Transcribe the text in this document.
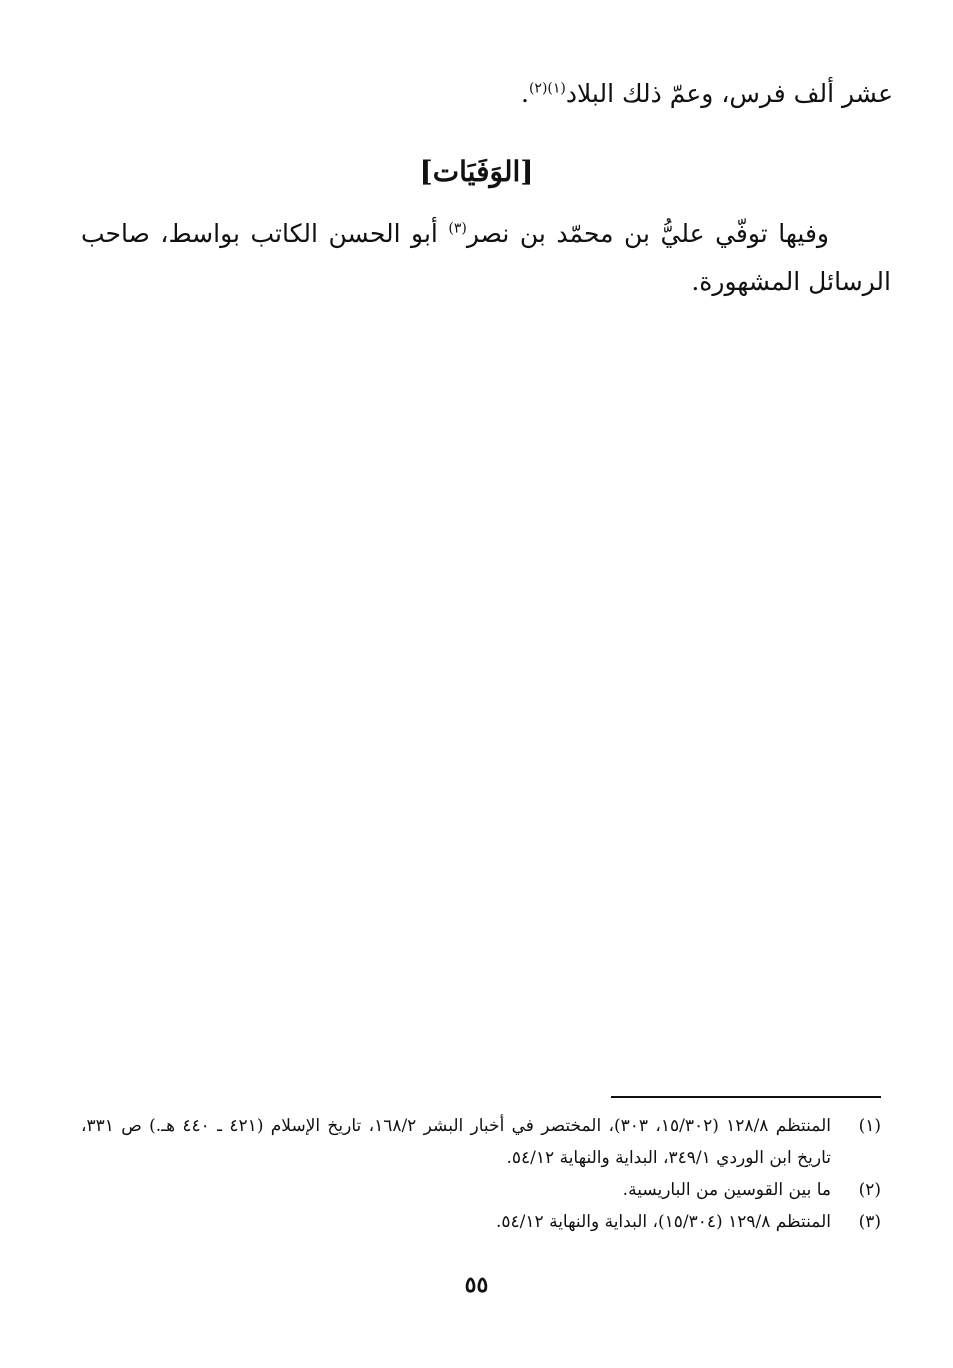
عشر ألف فرس، وعمّ ذلك البلاد$^{(١)(٢)}$.
[الوَفَيَات]
وفيها توفّي عليُّ بن محمّد بن نصر$^{(٣)}$ أبو الحسن الكاتب بواسط، صاحب الرسائل المشهورة.
(١)
المنتظم ١٢٨/٨ (١٥/٣٠٢، ٣٠٣)، المختصر في أخبار البشر ١٦٨/٢، تاريخ الإسلام (٤٢١ ـ ٤٤٠ هـ.) ص ٣٣١، تاريخ ابن الوردي ٣٤٩/١، البداية والنهاية ٥٤/١٢.
(٢)
ما بين القوسين من الباريسية.
(٣)
المنتظم ١٢٩/٨ (١٥/٣٠٤)، البداية والنهاية ٥٤/١٢.
٥٥
